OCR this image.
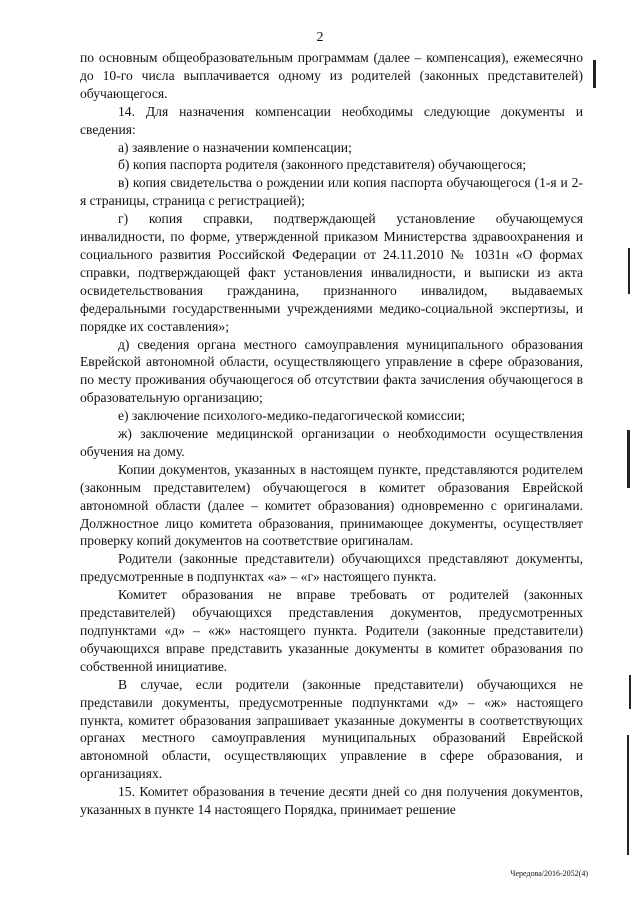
2

по основным общеобразовательным программам (далее – компенсация), ежемесячно до 10-го числа выплачивается одному из родителей (законных представителей) обучающегося.

14. Для назначения компенсации необходимы следующие документы и сведения:

а) заявление о назначении компенсации;

б) копия паспорта родителя (законного представителя) обучающегося;

в) копия свидетельства о рождении или копия паспорта обучающегося (1-я и 2-я страницы, страница с регистрацией);

г) копия справки, подтверждающей установление обучающемуся инвалидности, по форме, утвержденной приказом Министерства здравоохранения и социального развития Российской Федерации от 24.11.2010 № 1031н «О формах справки, подтверждающей факт установления инвалидности, и выписки из акта освидетельствования гражданина, признанного инвалидом, выдаваемых федеральными государственными учреждениями медико-социальной экспертизы, и порядке их составления»;

д) сведения органа местного самоуправления муниципального образования Еврейской автономной области, осуществляющего управление в сфере образования, по месту проживания обучающегося об отсутствии факта зачисления обучающегося в образовательную организацию;

е) заключение психолого-медико-педагогической комиссии;

ж) заключение медицинской организации о необходимости осуществления обучения на дому.

Копии документов, указанных в настоящем пункте, представляются родителем (законным представителем) обучающегося в комитет образования Еврейской автономной области (далее – комитет образования) одновременно с оригиналами. Должностное лицо комитета образования, принимающее документы, осуществляет проверку копий документов на соответствие оригиналам.

Родители (законные представители) обучающихся представляют документы, предусмотренные в подпунктах «а» – «г» настоящего пункта.

Комитет образования не вправе требовать от родителей (законных представителей) обучающихся представления документов, предусмотренных подпунктами «д» – «ж» настоящего пункта. Родители (законные представители) обучающихся вправе представить указанные документы в комитет образования по собственной инициативе.

В случае, если родители (законные представители) обучающихся не представили документы, предусмотренные подпунктами «д» – «ж» настоящего пункта, комитет образования запрашивает указанные документы в соответствующих органах местного самоуправления муниципальных образований Еврейской автономной области, осуществляющих управление в сфере образования, и организациях.

15. Комитет образования в течение десяти дней со дня получения документов, указанных в пункте 14 настоящего Порядка, принимает решение

Чередова/2016-2052(4)
